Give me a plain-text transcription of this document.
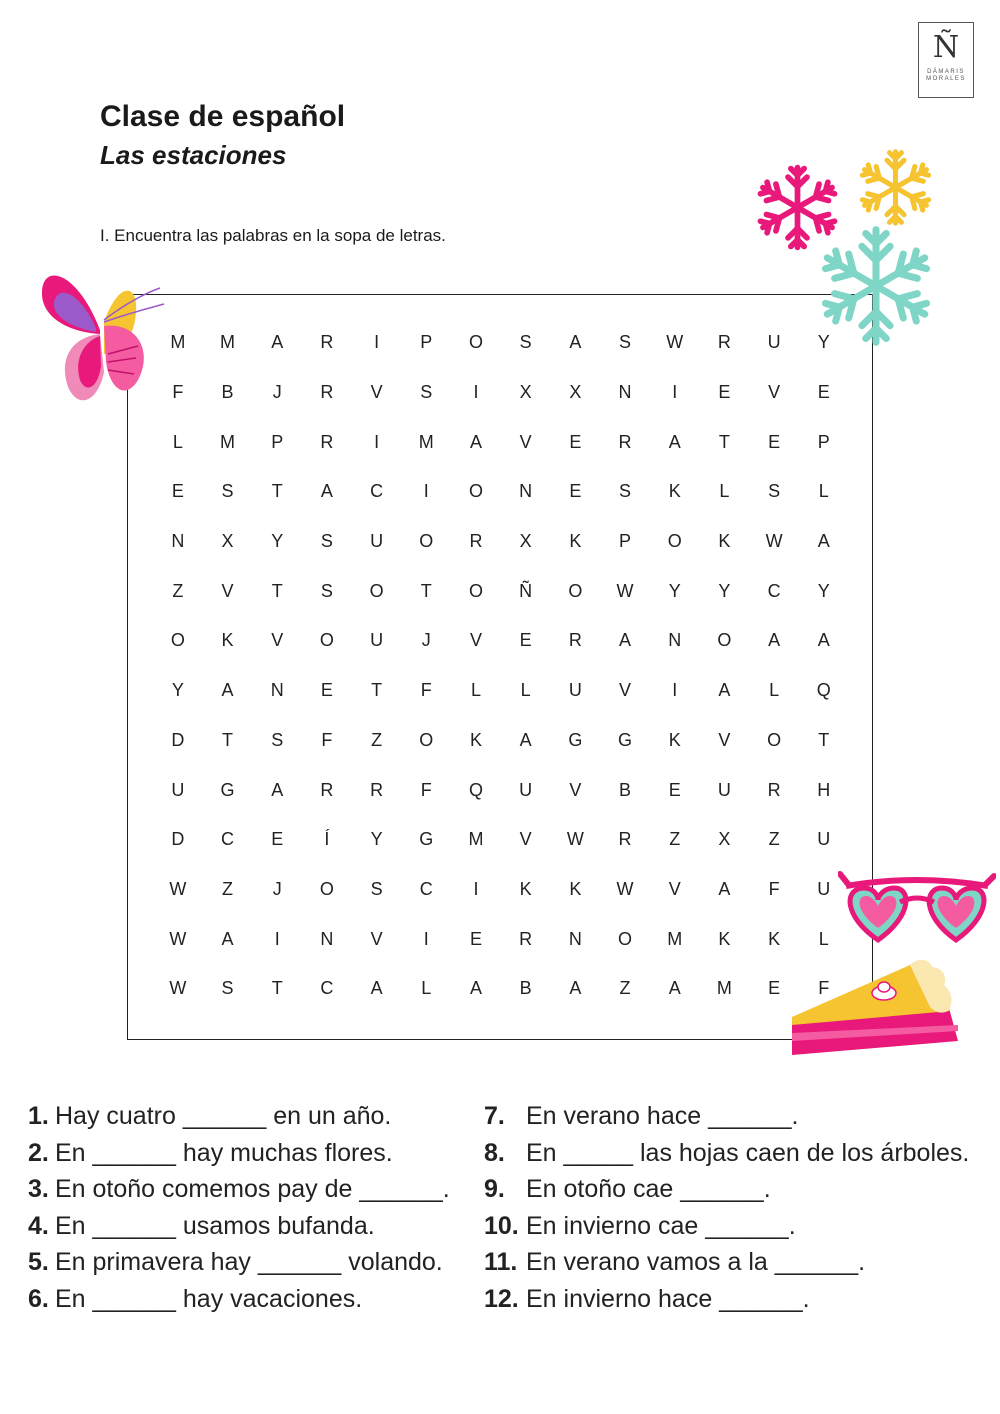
Ñ
DÁMARIS
MORALES
Clase de español
Las estaciones
I. Encuentra las palabras en la sopa de letras.
M	M	A	R	I	P	O	S	A	S	W	R	U	Y
F	B	J	R	V	S	I	X	X	N	I	E	V	E
L	M	P	R	I	M	A	V	E	R	A	T	E	P
E	S	T	A	C	I	O	N	E	S	K	L	S	L
N	X	Y	S	U	O	R	X	K	P	O	K	W	A
Z	V	T	S	O	T	O	Ñ	O	W	Y	Y	C	Y
O	K	V	O	U	J	V	E	R	A	N	O	A	A
Y	A	N	E	T	F	L	L	U	V	I	A	L	Q
D	T	S	F	Z	O	K	A	G	G	K	V	O	T
U	G	A	R	R	F	Q	U	V	B	E	U	R	H
D	C	E	Í	Y	G	M	V	W	R	Z	X	Z	U
W	Z	J	O	S	C	I	K	K	W	V	A	F	U
W	A	I	N	V	I	E	R	N	O	M	K	K	L
W	S	T	C	A	L	A	B	A	Z	A	M	E	F
1. Hay cuatro ______ en un año.
2. En ______ hay muchas flores.
3. En otoño comemos pay de ______.
4. En ______ usamos bufanda.
5. En primavera hay ______ volando.
6. En ______ hay vacaciones.
7. En verano hace ______.
8. En _____ las hojas caen de los árboles.
9. En otoño cae ______.
10. En invierno cae ______.
11. En verano vamos a la ______.
12. En invierno hace ______.
